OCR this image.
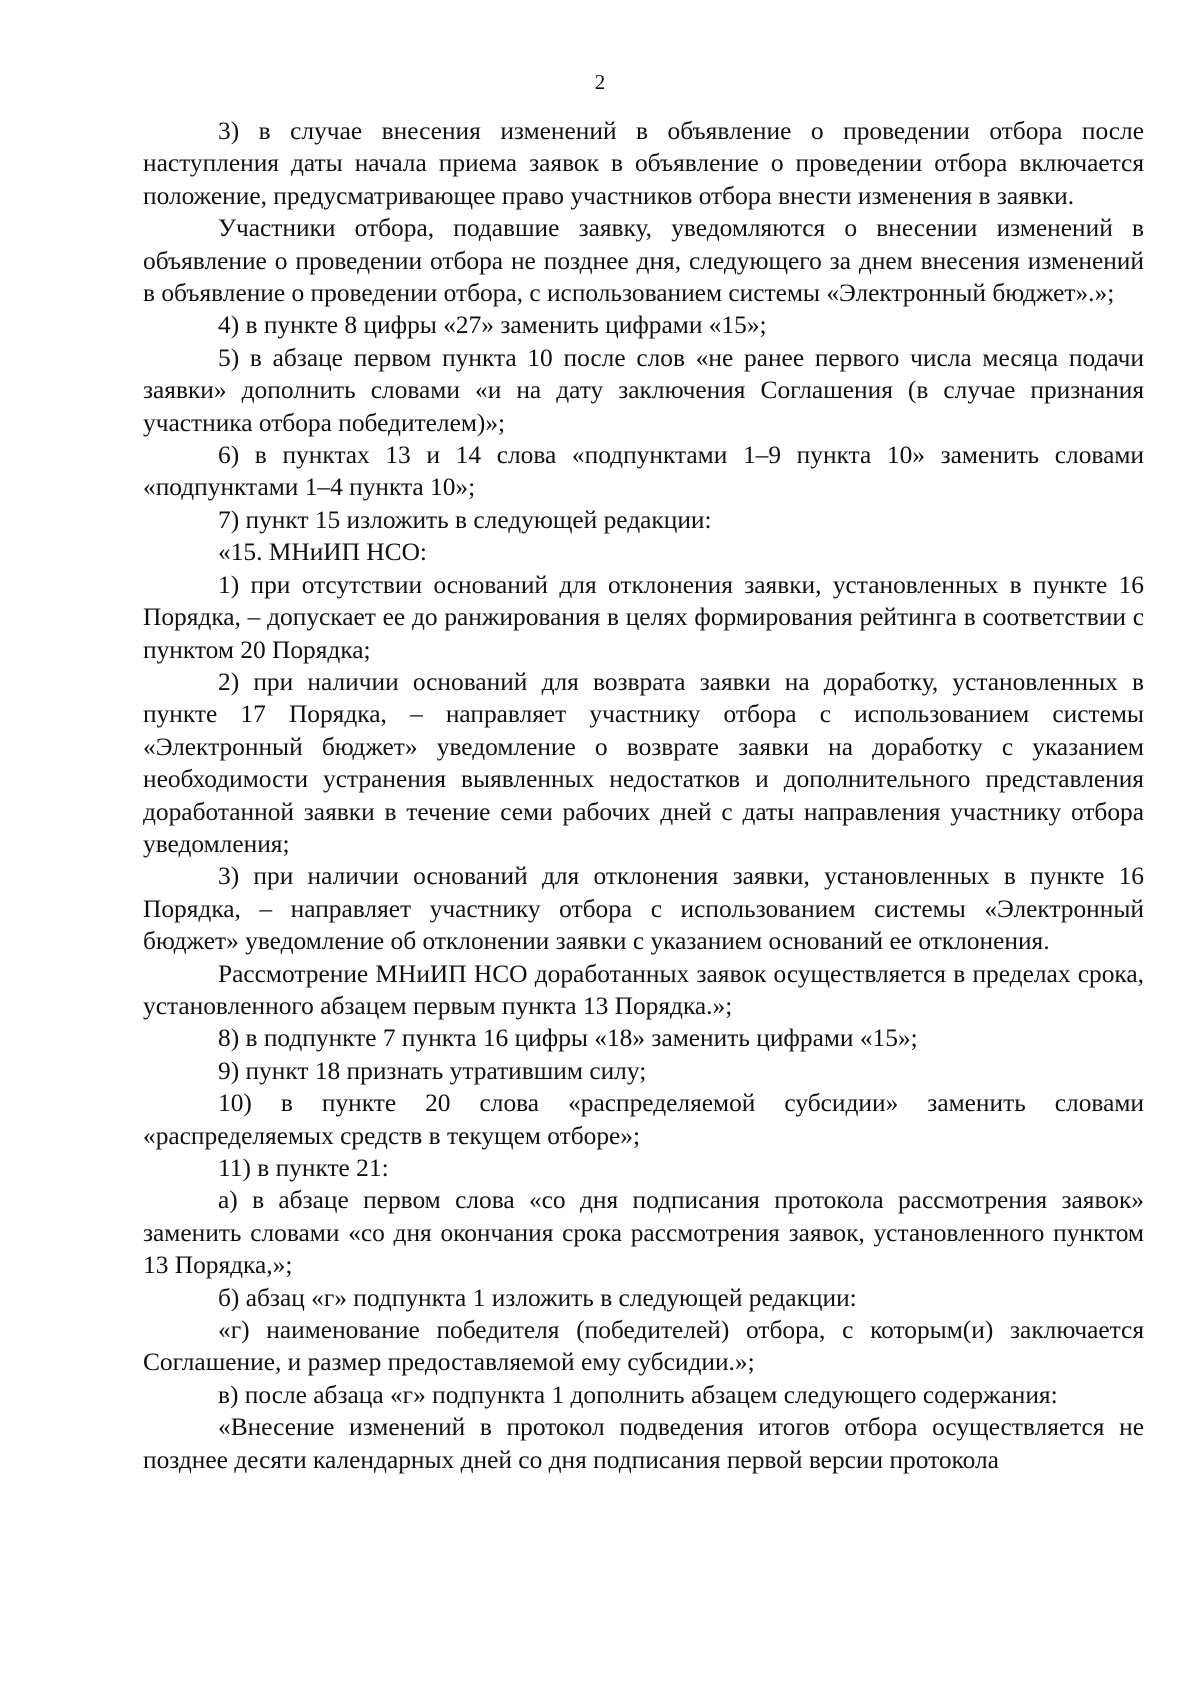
2

3) в случае внесения изменений в объявление о проведении отбора после наступления даты начала приема заявок в объявление о проведении отбора включается положение, предусматривающее право участников отбора внести изменения в заявки.

Участники отбора, подавшие заявку, уведомляются о внесении изменений в объявление о проведении отбора не позднее дня, следующего за днем внесения изменений в объявление о проведении отбора, с использованием системы «Электронный бюджет».»;

4) в пункте 8 цифры «27» заменить цифрами «15»;

5) в абзаце первом пункта 10 после слов «не ранее первого числа месяца подачи заявки» дополнить словами «и на дату заключения Соглашения (в случае признания участника отбора победителем)»;

6) в пунктах 13 и 14 слова «подпунктами 1–9 пункта 10» заменить словами «подпунктами 1–4 пункта 10»;

7) пункт 15 изложить в следующей редакции:

«15. МНиИП НСО:

1) при отсутствии оснований для отклонения заявки, установленных в пункте 16 Порядка, – допускает ее до ранжирования в целях формирования рейтинга в соответствии с пунктом 20 Порядка;

2) при наличии оснований для возврата заявки на доработку, установленных в пункте 17 Порядка, – направляет участнику отбора с использованием системы «Электронный бюджет» уведомление о возврате заявки на доработку с указанием необходимости устранения выявленных недостатков и дополнительного представления доработанной заявки в течение семи рабочих дней с даты направления участнику отбора уведомления;

3) при наличии оснований для отклонения заявки, установленных в пункте 16 Порядка, – направляет участнику отбора с использованием системы «Электронный бюджет» уведомление об отклонении заявки с указанием оснований ее отклонения.

Рассмотрение МНиИП НСО доработанных заявок осуществляется в пределах срока, установленного абзацем первым пункта 13 Порядка.»;

8) в подпункте 7 пункта 16 цифры «18» заменить цифрами «15»;

9) пункт 18 признать утратившим силу;

10) в пункте 20 слова «распределяемой субсидии» заменить словами «распределяемых средств в текущем отборе»;

11) в пункте 21:

а) в абзаце первом слова «со дня подписания протокола рассмотрения заявок» заменить словами «со дня окончания срока рассмотрения заявок, установленного пунктом 13 Порядка,»;

б) абзац «г» подпункта 1 изложить в следующей редакции:

«г) наименование победителя (победителей) отбора, с которым(и) заключается Соглашение, и размер предоставляемой ему субсидии.»;

в) после абзаца «г» подпункта 1 дополнить абзацем следующего содержания:

«Внесение изменений в протокол подведения итогов отбора осуществляется не позднее десяти календарных дней со дня подписания первой версии протокола
